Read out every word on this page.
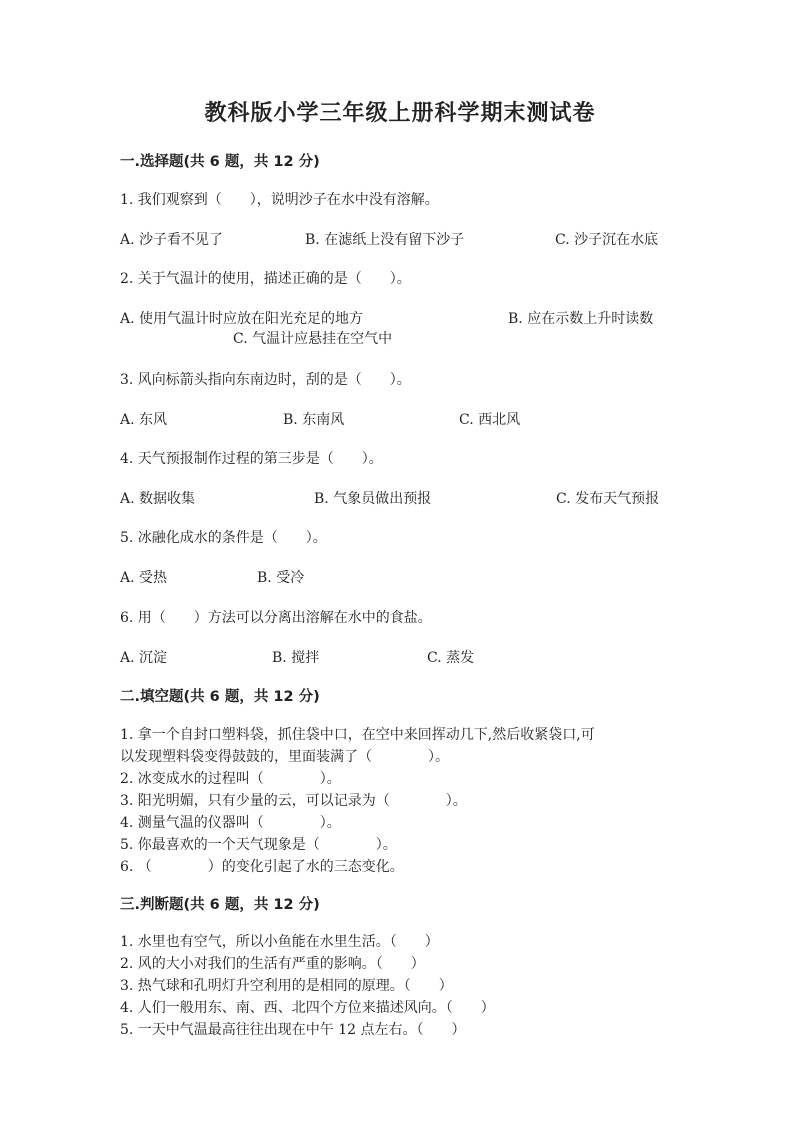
教科版小学三年级上册科学期末测试卷
一.选择题(共 6 题，共 12 分)
1. 我们观察到（　　），说明沙子在水中没有溶解。
A. 沙子看不见了	B. 在滤纸上没有留下沙子	C. 沙子沉在水底
2. 关于气温计的使用，描述正确的是（　　）。
A. 使用气温计时应放在阳光充足的地方	B. 应在示数上升时读数
C. 气温计应悬挂在空气中
3. 风向标箭头指向东南边时，刮的是（　　）。
A. 东风	B. 东南风	C. 西北风
4. 天气预报制作过程的第三步是（　　）。
A. 数据收集	B. 气象员做出预报	C. 发布天气预报
5. 冰融化成水的条件是（　　）。
A. 受热	B. 受冷
6. 用（　　）方法可以分离出溶解在水中的食盐。
A. 沉淀	B. 搅拌	C. 蒸发
二.填空题(共 6 题，共 12 分)
1. 拿一个自封口塑料袋，抓住袋中口，在空中来回挥动几下,然后收紧袋口,可
以发现塑料袋变得鼓鼓的，里面装满了（　　　　）。
2. 冰变成水的过程叫（　　　　）。
3. 阳光明媚，只有少量的云，可以记录为（　　　　）。
4. 测量气温的仪器叫（　　　　）。
5. 你最喜欢的一个天气现象是（　　　　）。
6. （　　　　）的变化引起了水的三态变化。
三.判断题(共 6 题，共 12 分)
1. 水里也有空气，所以小鱼能在水里生活。（　　）
2. 风的大小对我们的生活有严重的影响。（　　）
3. 热气球和孔明灯升空利用的是相同的原理。（　　）
4. 人们一般用东、南、西、北四个方位来描述风向。（　　）
5. 一天中气温最高往往出现在中午 12 点左右。（　　）
